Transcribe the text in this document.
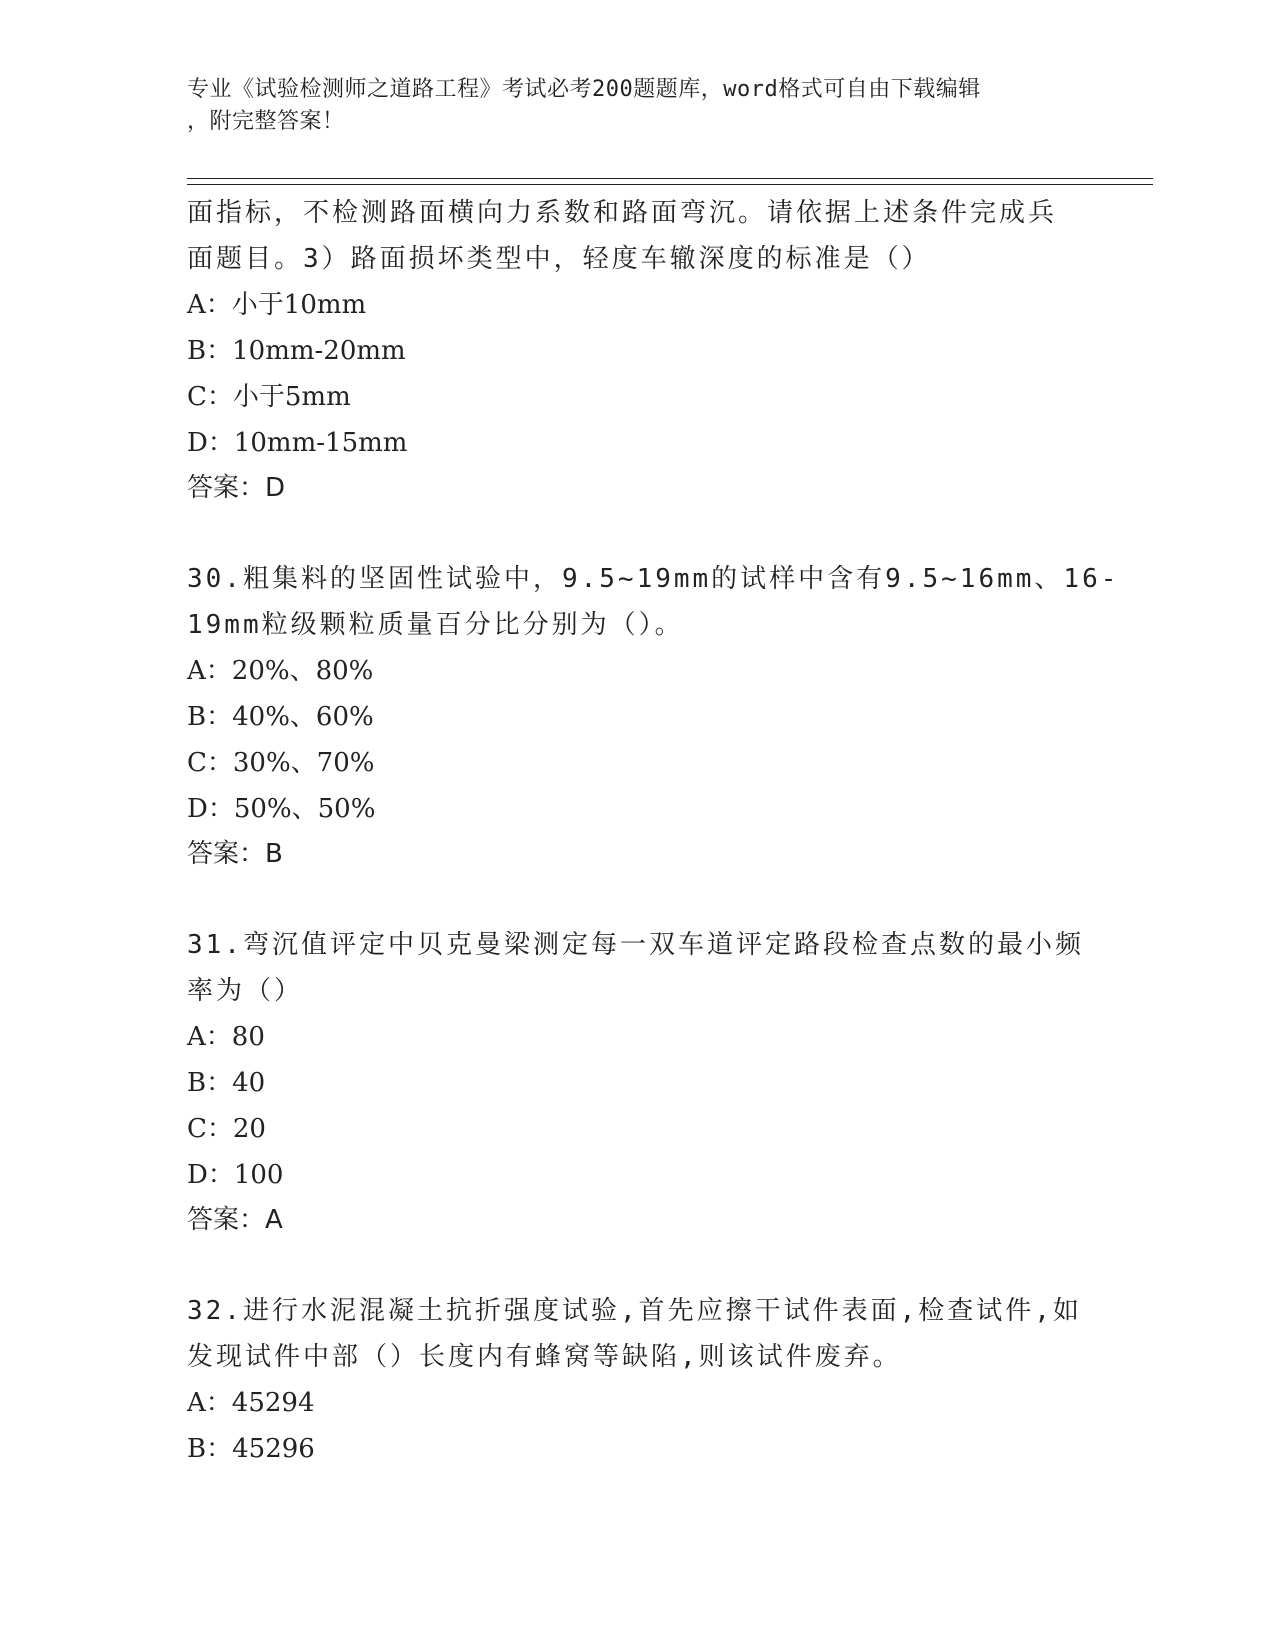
专业《试验检测师之道路工程》考试必考200题题库，word格式可自由下载编辑
，附完整答案！
面指标，不检测路面横向力系数和路面弯沉。请依据上述条件完成兵
面题目。3）路面损坏类型中，轻度车辙深度的标准是（）
A：小于10mm
B：10mm-20mm
C：小于5mm
D：10mm-15mm
答案：D
30.粗集料的坚固性试验中，9.5~19mm的试样中含有9.5~16mm、16-
19mm粒级颗粒质量百分比分别为（）。
A：20%、80%
B：40%、60%
C：30%、70%
D：50%、50%
答案：B
31.弯沉值评定中贝克曼梁测定每一双车道评定路段检查点数的最小频
率为（）
A：80
B：40
C：20
D：100
答案：A
32.进行水泥混凝土抗折强度试验,首先应擦干试件表面,检查试件,如
发现试件中部（）长度内有蜂窝等缺陷,则该试件废弃。
A：45294
B：45296
